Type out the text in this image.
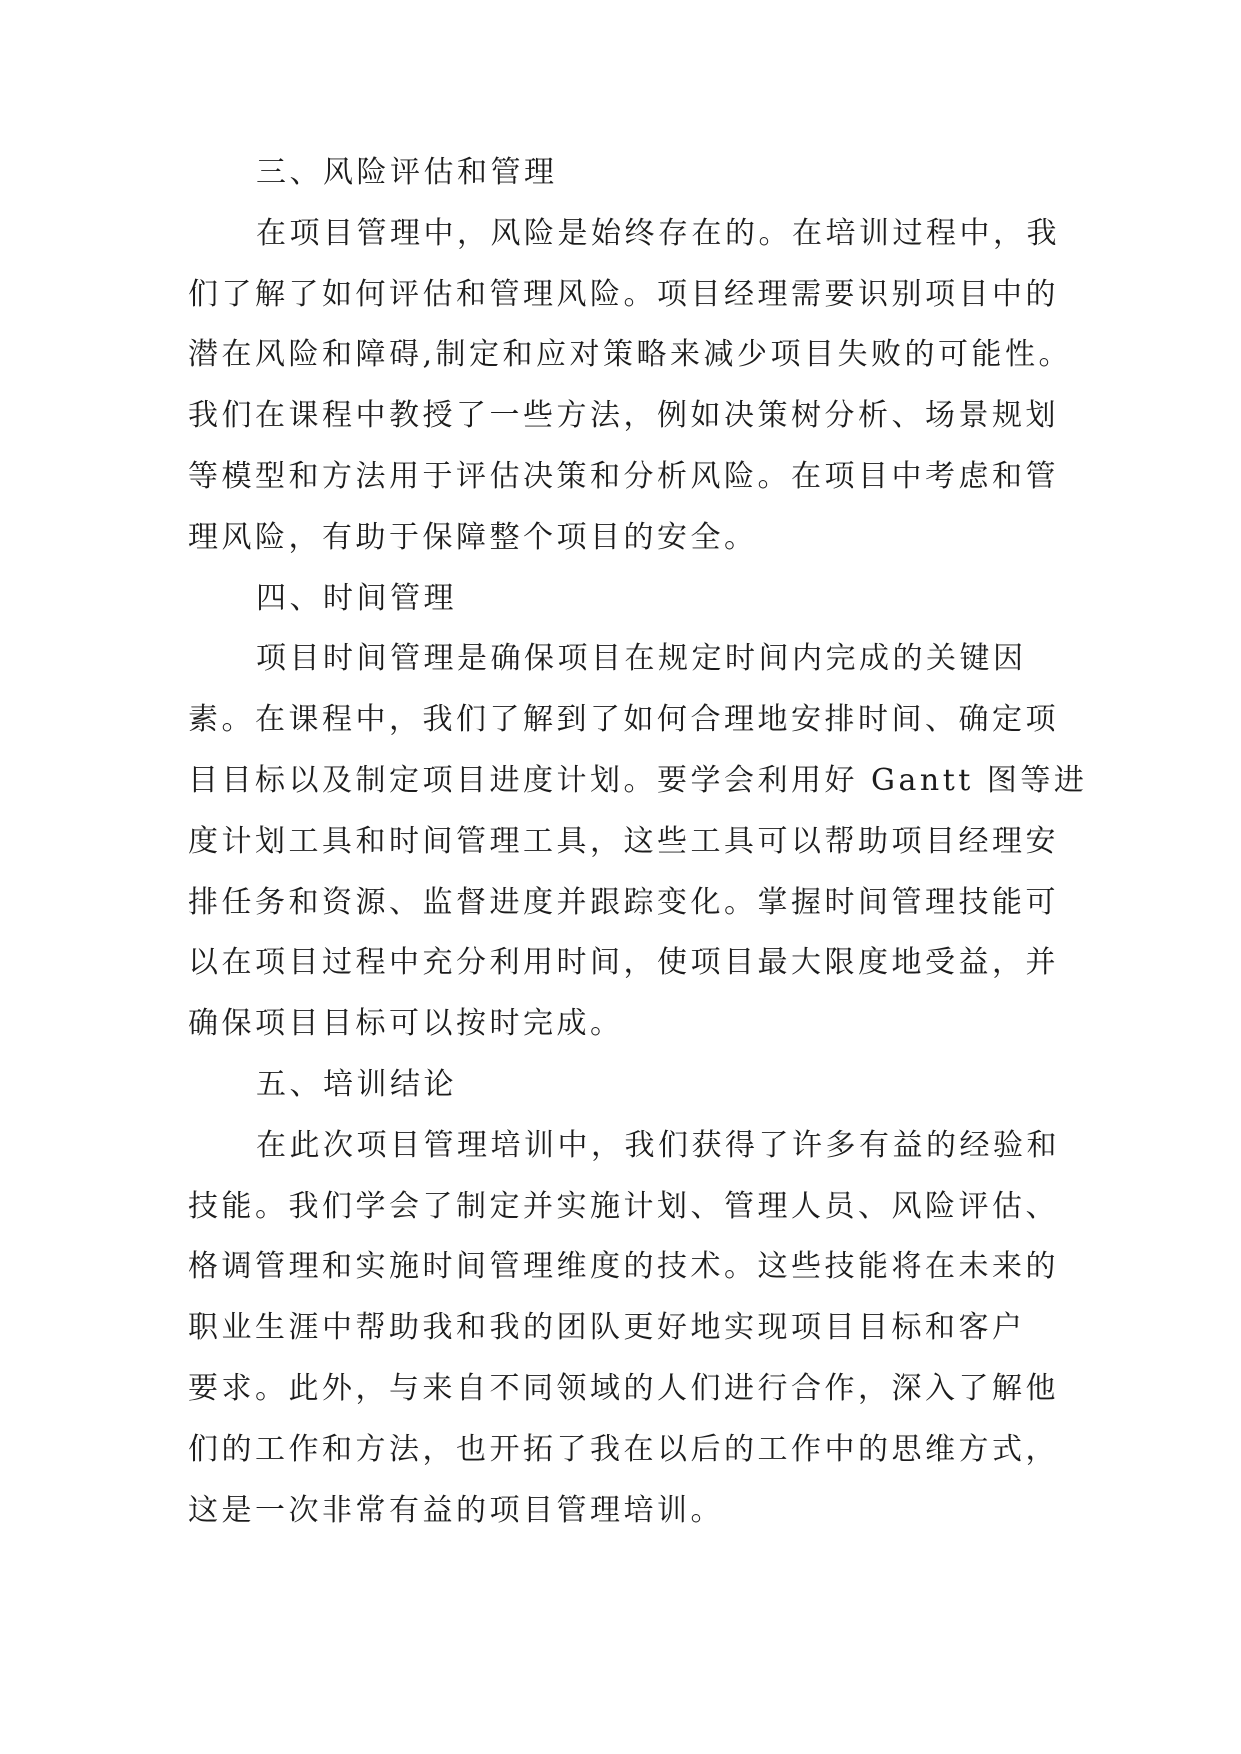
三、风险评估和管理
在项目管理中，风险是始终存在的。在培训过程中，我
们了解了如何评估和管理风险。项目经理需要识别项目中的
潜在风险和障碍,制定和应对策略来减少项目失败的可能性。
我们在课程中教授了一些方法，例如决策树分析、场景规划
等模型和方法用于评估决策和分析风险。在项目中考虑和管
理风险，有助于保障整个项目的安全。
四、时间管理
项目时间管理是确保项目在规定时间内完成的关键因
素。在课程中，我们了解到了如何合理地安排时间、确定项
目目标以及制定项目进度计划。要学会利用好 Gantt 图等进
度计划工具和时间管理工具，这些工具可以帮助项目经理安
排任务和资源、监督进度并跟踪变化。掌握时间管理技能可
以在项目过程中充分利用时间，使项目最大限度地受益，并
确保项目目标可以按时完成。
五、培训结论
在此次项目管理培训中，我们获得了许多有益的经验和
技能。我们学会了制定并实施计划、管理人员、风险评估、
格调管理和实施时间管理维度的技术。这些技能将在未来的
职业生涯中帮助我和我的团队更好地实现项目目标和客户
要求。此外，与来自不同领域的人们进行合作，深入了解他
们的工作和方法，也开拓了我在以后的工作中的思维方式，
这是一次非常有益的项目管理培训。
